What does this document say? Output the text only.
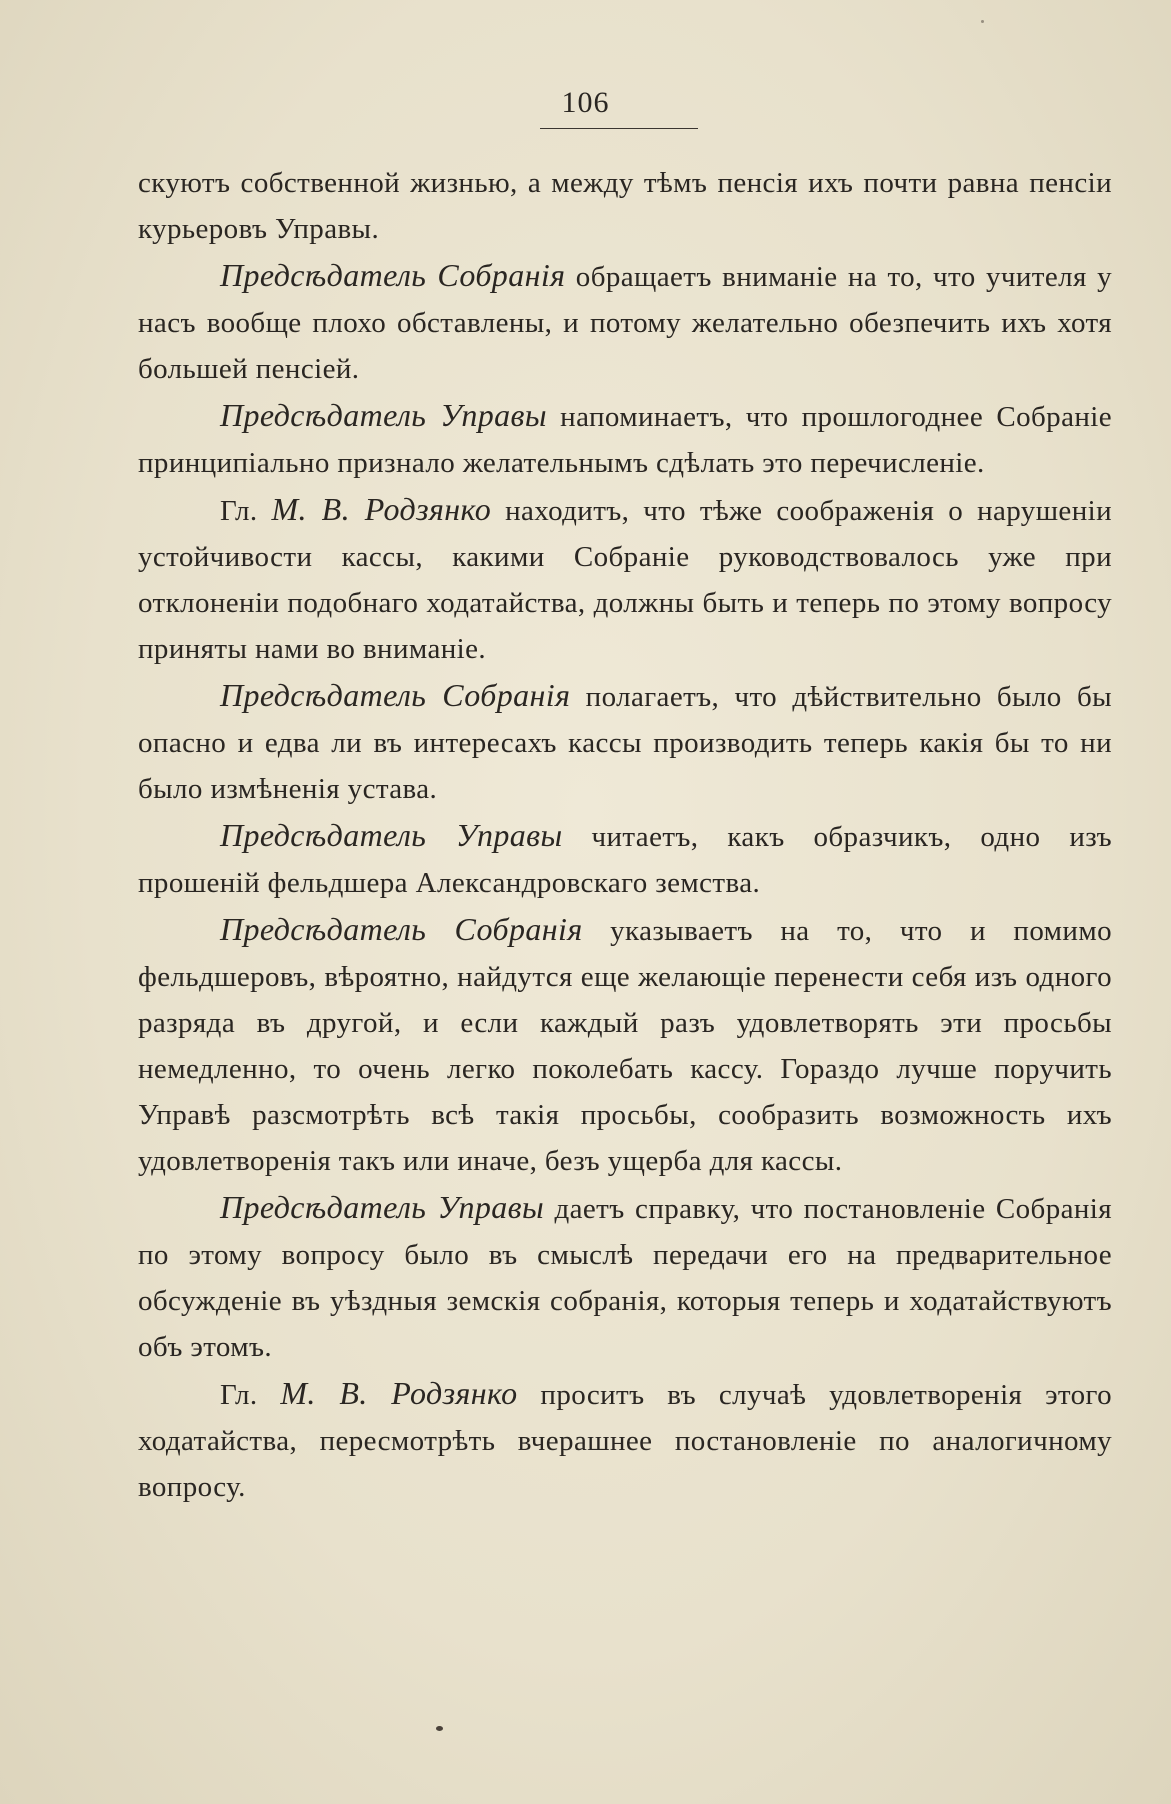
106

скуютъ собственной жизнью, а между тѣмъ пенсія ихъ почти равна пенсіи курьеровъ Управы.

Предсѣдатель Собранія обращаетъ вниманіе на то, что учителя у насъ вообще плохо обставлены, и потому желательно обезпечить ихъ хотя большей пенсіей.

Предсѣдатель Управы напоминаетъ, что прошлогоднее Собраніе принципіально признало желательнымъ сдѣлать это перечисленіе.

Гл. М. В. Родзянко находитъ, что тѣже соображенія о нарушеніи устойчивости кассы, какими Собраніе руководствовалось уже при отклоненіи подобнаго ходатайства, должны быть и теперь по этому вопросу приняты нами во вниманіе.

Предсѣдатель Собранія полагаетъ, что дѣйствительно было бы опасно и едва ли въ интересахъ кассы производить теперь какія бы то ни было измѣненія устава.

Предсѣдатель Управы читаетъ, какъ образчикъ, одно изъ прошеній фельдшера Александровскаго земства.

Предсѣдатель Собранія указываетъ на то, что и помимо фельдшеровъ, вѣроятно, найдутся еще желающіе перенести себя изъ одного разряда въ другой, и если каждый разъ удовлетворять эти просьбы немедленно, то очень легко поколебать кассу. Гораздо лучше поручить Управѣ разсмотрѣть всѣ такія просьбы, сообразить возможность ихъ удовлетворенія такъ или иначе, безъ ущерба для кассы.

Предсѣдатель Управы даетъ справку, что постановленіе Собранія по этому вопросу было въ смыслѣ передачи его на предварительное обсужденіе въ уѣздныя земскія собранія, которыя теперь и ходатайствуютъ объ этомъ.

Гл. М. В. Родзянко проситъ въ случаѣ удовлетворенія этого ходатайства, пересмотрѣть вчерашнее постановленіе по аналогичному вопросу.
